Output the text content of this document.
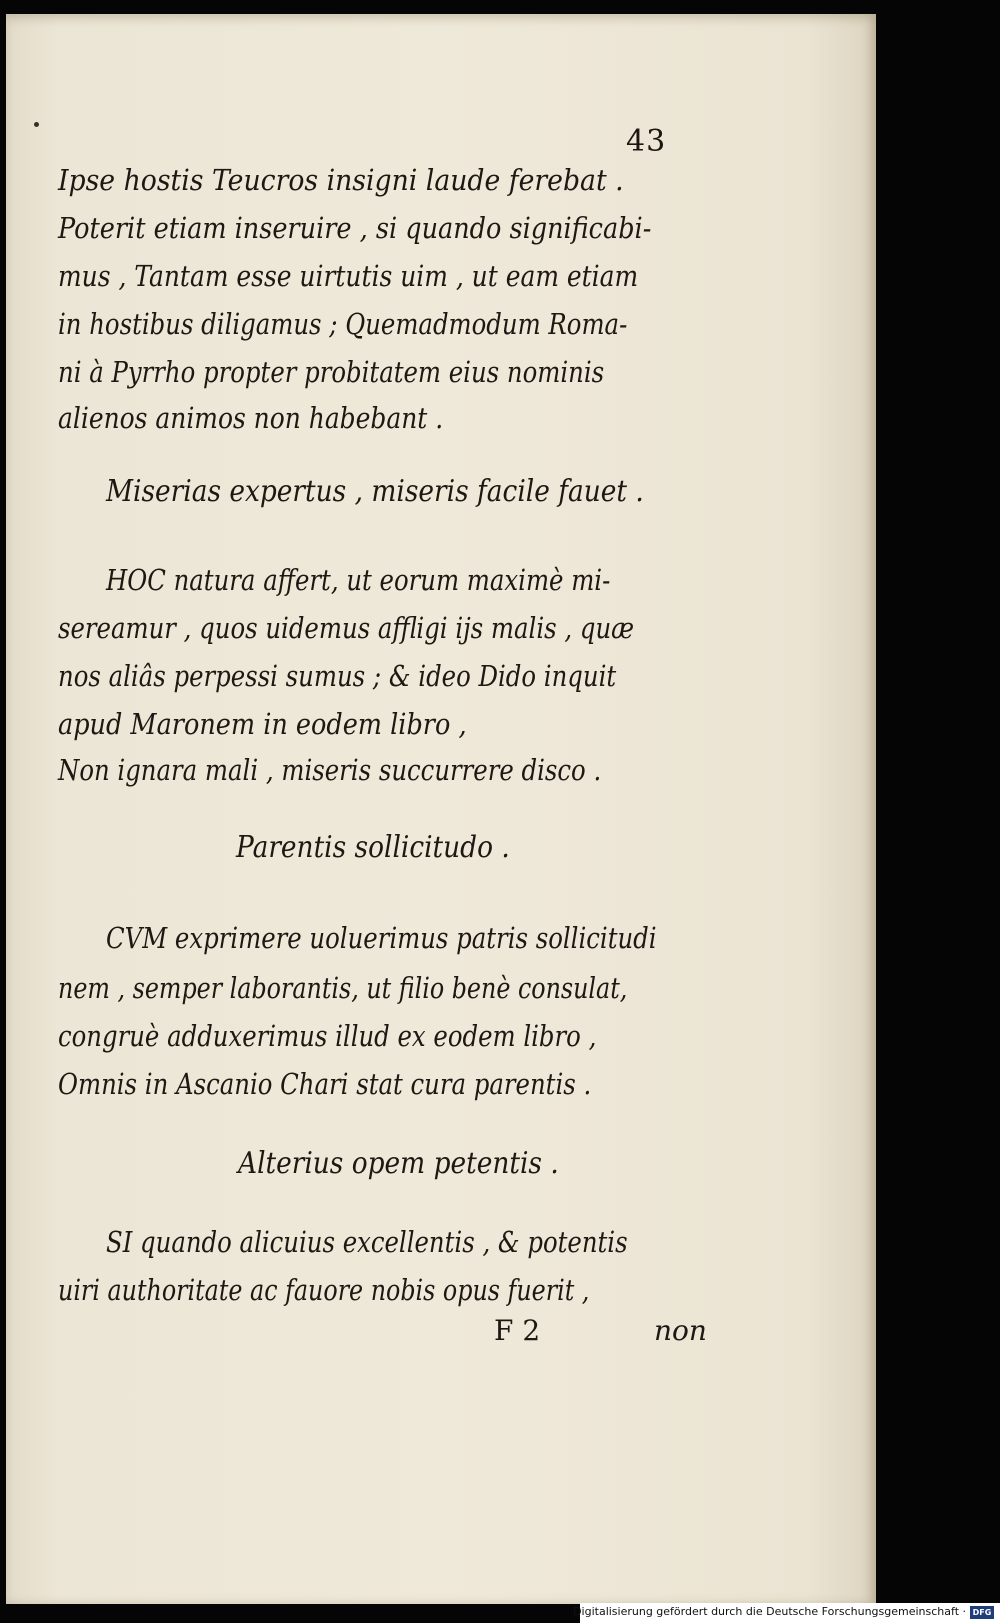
43
Ipse hostis Teucros insigni laude ferebat .
Poterit etiam inseruire , si quando significabi-
mus , Tantam esse uirtutis uim , ut eam etiam
in hostibus diligamus ; Quemadmodum Roma-
ni à Pyrrho propter probitatem eius nominis
alienos animos non habebant .
Miserias expertus , miseris facile fauet .
HOC natura affert, ut eorum maximè mi-
sereamur , quos uidemus affligi ijs malis , quæ
nos aliâs perpessi sumus ; & ideo Dido inquit
apud Maronem in eodem libro ,
Non ignara mali , miseris succurrere disco .
Parentis sollicitudo .
CVM exprimere uoluerimus patris sollicitudi
nem , semper laborantis, ut filio benè consulat,
congruè adduxerimus illud ex eodem libro ,
Omnis in Ascanio Chari stat cura parentis .
Alterius opem petentis .
SI quando alicuius excellentis , & potentis
uiri authoritate ac fauore nobis opus fuerit ,
F 2	non
Digitalisierung gefördert durch die Deutsche Forschungsgemeinschaft · DFG
